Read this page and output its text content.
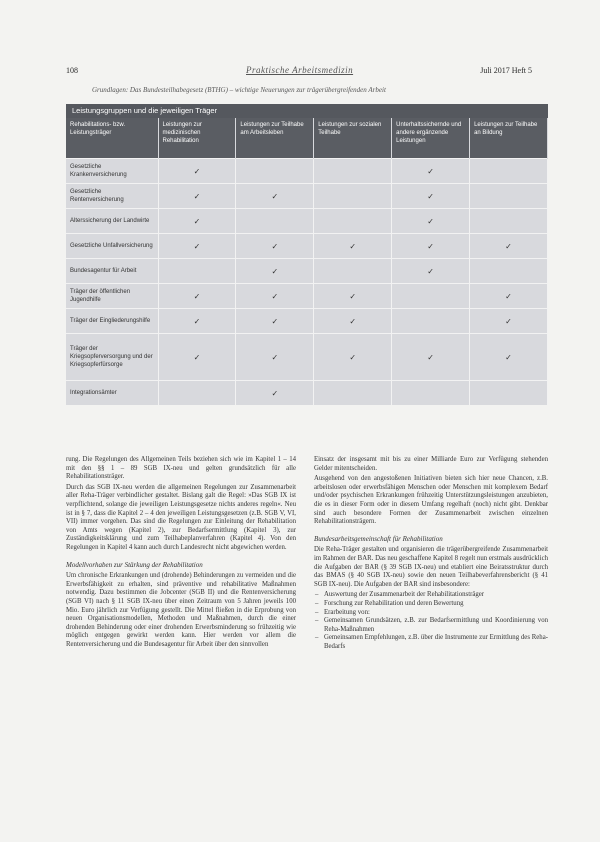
108	Praktische Arbeitsmedizin	Juli 2017 Heft 5
Grundlagen: Das Bundesteilhabegesetz (BTHG) – wichtige Neuerungen zur trägerübergreifenden Arbeit
Leistungsgruppen und die jeweiligen Träger
Rehabilitations- bzw. Leistungsträger	Leistungen zur medizinischen Rehabilitation	Leistungen zur Teilhabe am Arbeitsleben	Leistungen zur sozialen Teilhabe	Unterhaltssichernde und andere ergänzende Leistungen	Leistungen zur Teilhabe an Bildung
Gesetzliche Krankenversicherung	✓			✓	
Gesetzliche Rentenversicherung	✓	✓		✓	
Alterssicherung der Landwirte	✓			✓	
Gesetzliche Unfallversicherung	✓	✓	✓	✓	✓
Bundesagentur für Arbeit		✓		✓	
Träger der öffentlichen Jugendhilfe	✓	✓	✓		✓
Träger der Eingliederungshilfe	✓	✓	✓		✓
Träger der Kriegsopferversorgung und der Kriegsopferfürsorge	✓	✓	✓	✓	✓
Integrationsämter		✓			

rung. Die Regelungen des Allgemeinen Teils beziehen sich wie im Kapitel 1 – 14 mit den §§ 1 – 89 SGB IX-neu und gelten grundsätzlich für alle Rehabilitationsträger.

Durch das SGB IX-neu werden die allgemeinen Regelungen zur Zusammenarbeit aller Reha-Träger verbindlicher gestaltet. Bislang galt die Regel: »Das SGB IX ist verpflichtend, solange die jeweiligen Leistungsgesetze nichts anderes regeln«. Neu ist in § 7, dass die Kapitel 2 – 4 den jeweiligen Leistungsgesetzen (z.B. SGB V, VI, VII) immer vorgehen. Das sind die Regelungen zur Einleitung der Rehabilitation von Amts wegen (Kapitel 2), zur Bedarfsermittlung (Kapitel 3), zur Zuständigkeitsklärung und zum Teilhabeplanverfahren (Kapitel 4). Von den Regelungen in Kapitel 4 kann auch durch Landesrecht nicht abgewichen werden.

Modellvorhaben zur Stärkung der Rehabilitation

Um chronische Erkrankungen und (drohende) Behinderungen zu vermeiden und die Erwerbsfähigkeit zu erhalten, sind präventive und rehabilitative Maßnahmen notwendig. Dazu bestimmen die Jobcenter (SGB II) und die Rentenversicherung (SGB VI) nach § 11 SGB IX-neu über einen Zeitraum von 5 Jahren jeweils 100 Mio. Euro jährlich zur Verfügung gestellt. Die Mittel fließen in die Erprobung von neuen Organisationsmodellen, Methoden und Maßnahmen, durch die einer drohenden Behinderung oder einer drohenden Erwerbsminderung so frühzeitig wie möglich entgegen gewirkt werden kann. Hier werden vor allem die Rentenversicherung und die Bundesagentur für Arbeit über den sinnvollen

Einsatz der insgesamt mit bis zu einer Milliarde Euro zur Verfügung stehenden Gelder mitentscheiden.

Ausgehend von den angestoßenen Initiativen bieten sich hier neue Chancen, z.B. arbeitslosen oder erwerbsfähigen Menschen oder Menschen mit komplexem Bedarf und/oder psychischen Erkrankungen frühzeitig Unterstützungsleistungen anzubieten, die es in dieser Form oder in diesem Umfang regelhaft (noch) nicht gibt. Denkbar sind auch besondere Formen der Zusammenarbeit zwischen einzelnen Rehabilitationsträgern.

Bundesarbeitsgemeinschaft für Rehabilitation

Die Reha-Träger gestalten und organisieren die trägerübergreifende Zusammenarbeit im Rahmen der BAR. Das neu geschaffene Kapitel 8 regelt nun erstmals ausdrücklich die Aufgaben der BAR (§ 39 SGB IX-neu) und etabliert eine Beiratsstruktur durch das BMAS (§ 40 SGB IX-neu) sowie den neuen Teilhabeverfahrensbericht (§ 41 SGB IX-neu). Die Aufgaben der BAR sind insbesondere:

– Auswertung der Zusammenarbeit der Rehabilitationsträger
– Forschung zur Rehabilitation und deren Bewertung
– Erarbeitung von:
– Gemeinsamen Grundsätzen, z.B. zur Bedarfsermittlung und Koordinierung von Reha-Maßnahmen
– Gemeinsamen Empfehlungen, z.B. über die Instrumente zur Ermittlung des Reha-Bedarfs
